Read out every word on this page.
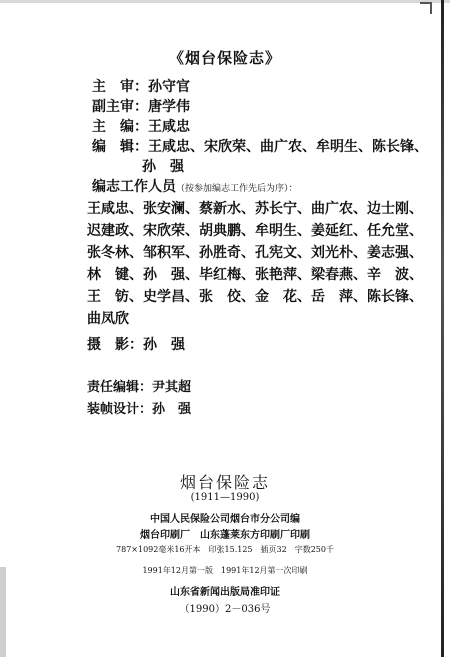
《烟台保险志》
主　审：孙守官
副主审：唐学伟
主　编：王咸忠
编　辑：王咸忠、宋欣荣、曲广农、牟明生、陈长锋、
孙　强
编志工作人员（按参加编志工作先后为序）：
王咸忠、张安澜、蔡新水、苏长宁、曲广农、边士刚、
迟建政、宋欣荣、胡典鹏、牟明生、姜延红、任允堂、
张冬林、邹积军、孙胜奇、孔宪文、刘光朴、姜志强、
林　键、孙　强、毕红梅、张艳萍、梁春燕、辛　波、
王　钫、史学昌、张　佼、金　花、岳　萍、陈长锋、
曲凤欣
摄　影：孙　强
责任编辑：尹其超
装帧设计：孙　强
烟台保险志
(1911—1990)
中国人民保险公司烟台市分公司编
烟台印刷厂　山东蓬莱东方印刷厂印刷
787×1092毫米16开本　印张15.125　插页32　字数250千
1991年12月第一版　1991年12月第一次印刷
山东省新闻出版局准印证
（1990）2－036号
